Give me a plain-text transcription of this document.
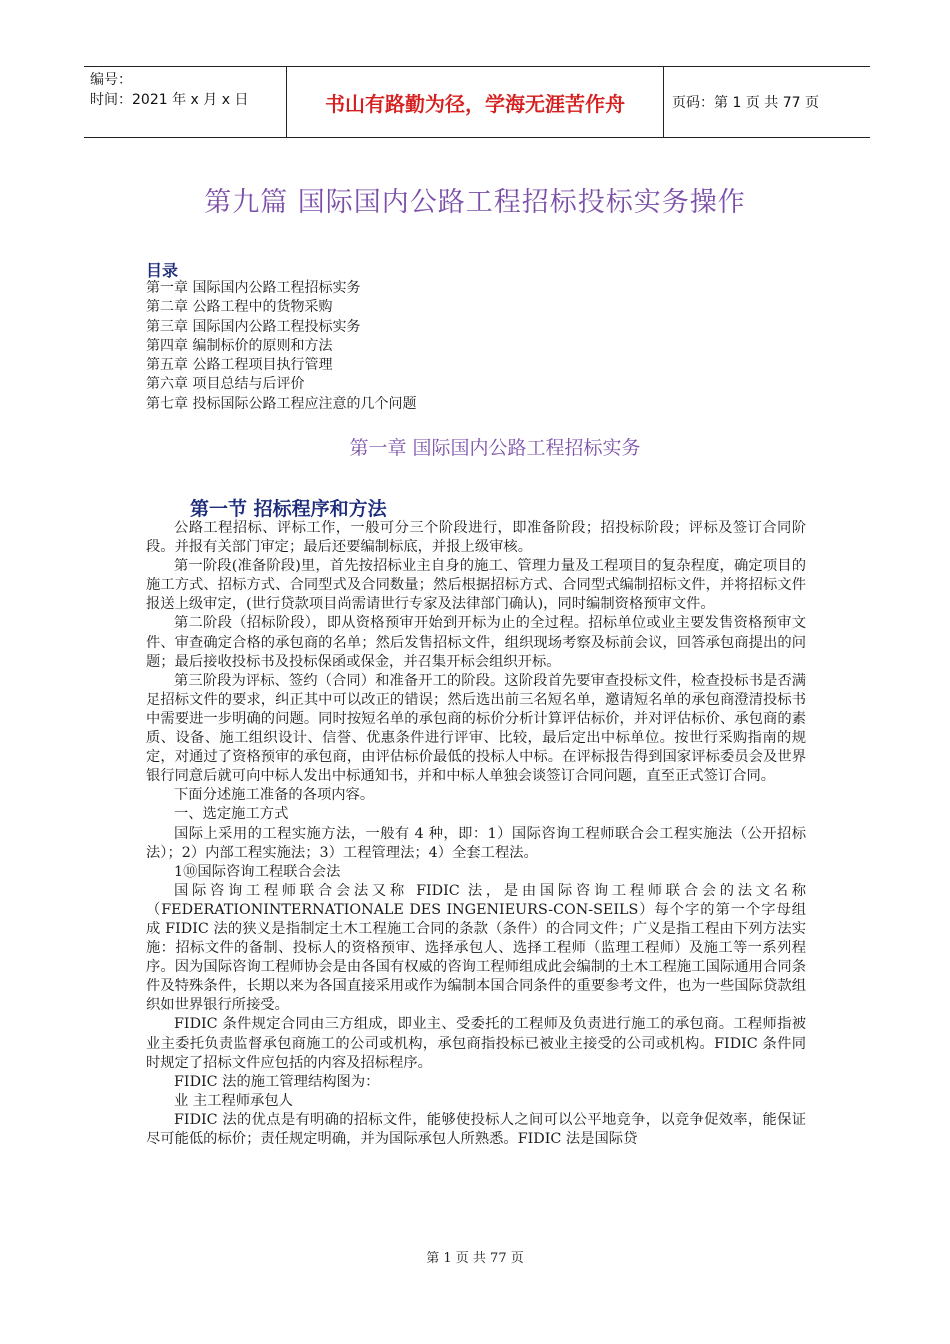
编号：
时间：2021 年 x 月 x 日	书山有路勤为径，学海无涯苦作舟	页码：第 1 页 共 77 页
第九篇 国际国内公路工程招标投标实务操作
目录
第一章 国际国内公路工程招标实务
第二章 公路工程中的货物采购
第三章 国际国内公路工程投标实务
第四章 编制标价的原则和方法
第五章 公路工程项目执行管理
第六章 项目总结与后评价
第七章 投标国际公路工程应注意的几个问题
第一章 国际国内公路工程招标实务
第一节 招标程序和方法

公路工程招标、评标工作，一般可分三个阶段进行，即准备阶段；招投标阶段；评标及签订合同阶段。并报有关部门审定；最后还要编制标底，并报上级审核。

第一阶段(准备阶段)里，首先按招标业主自身的施工、管理力量及工程项目的复杂程度，确定项目的施工方式、招标方式、合同型式及合同数量；然后根据招标方式、合同型式编制招标文件，并将招标文件报送上级审定，(世行贷款项目尚需请世行专家及法律部门确认)，同时编制资格预审文件。

第二阶段（招标阶段），即从资格预审开始到开标为止的全过程。招标单位或业主要发售资格预审文件、审查确定合格的承包商的名单；然后发售招标文件，组织现场考察及标前会议，回答承包商提出的问题；最后接收投标书及投标保函或保金，并召集开标会组织开标。

第三阶段为评标、签约（合同）和准备开工的阶段。这阶段首先要审查投标文件，检查投标书是否满足招标文件的要求，纠正其中可以改正的错误；然后选出前三名短名单，邀请短名单的承包商澄清投标书中需要进一步明确的问题。同时按短名单的承包商的标价分析计算评估标价，并对评估标价、承包商的素质、设备、施工组织设计、信誉、优惠条件进行评审、比较，最后定出中标单位。按世行采购指南的规定，对通过了资格预审的承包商，由评估标价最低的投标人中标。在评标报告得到国家评标委员会及世界银行同意后就可向中标人发出中标通知书，并和中标人单独会谈签订合同问题，直至正式签订合同。

下面分述施工准备的各项内容。

一、选定施工方式

国际上采用的工程实施方法，一般有 4 种，即：1）国际咨询工程师联合会工程实施法（公开招标法）；2）内部工程实施法；3）工程管理法；4）全套工程法。

1⑩国际咨询工程联合会法

国际咨询工程师联合会法又称 FIDIC 法，是由国际咨询工程师联合会的法文名称（FEDERATIONINTERNATIONALE DES INGENIEURS-CON-SEILS）每个字的第一个字母组成 FIDIC 法的狭义是指制定土木工程施工合同的条款（条件）的合同文件；广义是指工程由下列方法实施：招标文件的备制、投标人的资格预审、选择承包人、选择工程师（监理工程师）及施工等一系列程序。因为国际咨询工程师协会是由各国有权威的咨询工程师组成此会编制的土木工程施工国际通用合同条件及特殊条件，长期以来为各国直接采用或作为编制本国合同条件的重要参考文件，也为一些国际贷款组织如世界银行所接受。

FIDIC 条件规定合同由三方组成，即业主、受委托的工程师及负责进行施工的承包商。工程师指被业主委托负责监督承包商施工的公司或机构，承包商指投标已被业主接受的公司或机构。FIDIC 条件同时规定了招标文件应包括的内容及招标程序。

FIDIC 法的施工管理结构图为：

业 主工程师承包人

FIDIC 法的优点是有明确的招标文件，能够使投标人之间可以公平地竞争，以竞争促效率，能保证尽可能低的标价；责任规定明确，并为国际承包人所熟悉。FIDIC 法是国际贷

第 1 页 共 77 页
